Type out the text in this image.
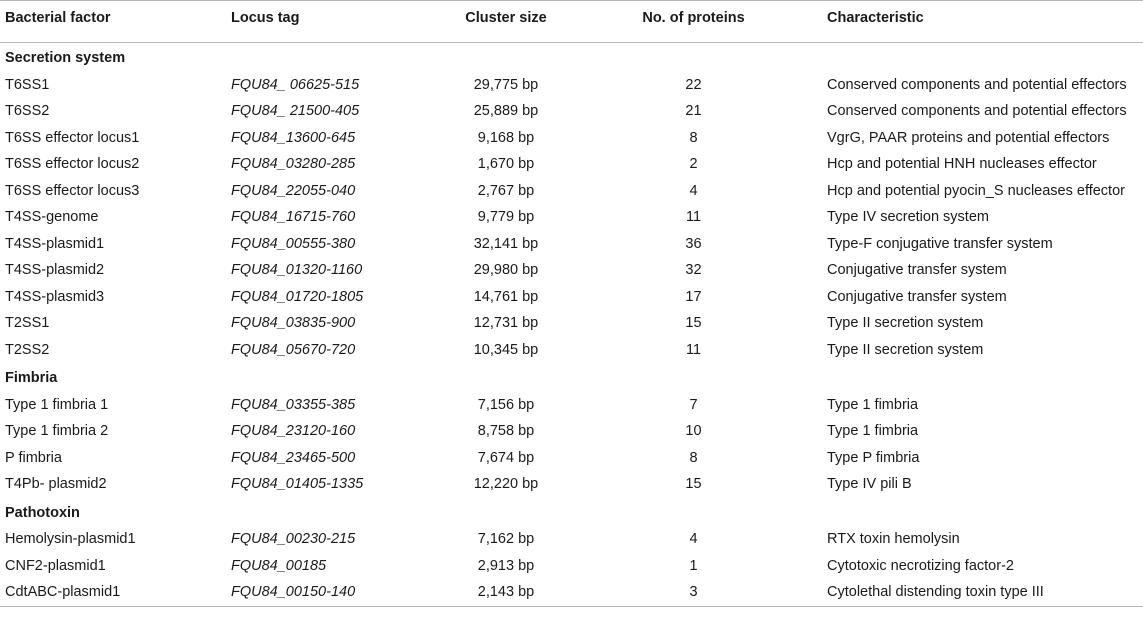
Bacterial factor	Locus tag	Cluster size	No. of proteins	Characteristic
Secretion system				
T6SS1	FQU84_ 06625-515	29,775 bp	22	Conserved components and potential effectors
T6SS2	FQU84_ 21500-405	25,889 bp	21	Conserved components and potential effectors
T6SS effector locus1	FQU84_13600-645	9,168 bp	8	VgrG, PAAR proteins and potential effectors
T6SS effector locus2	FQU84_03280-285	1,670 bp	2	Hcp and potential HNH nucleases effector
T6SS effector locus3	FQU84_22055-040	2,767 bp	4	Hcp and potential pyocin_S nucleases effector
T4SS-genome	FQU84_16715-760	9,779 bp	11	Type IV secretion system
T4SS-plasmid1	FQU84_00555-380	32,141 bp	36	Type-F conjugative transfer system
T4SS-plasmid2	FQU84_01320-1160	29,980 bp	32	Conjugative transfer system
T4SS-plasmid3	FQU84_01720-1805	14,761 bp	17	Conjugative transfer system
T2SS1	FQU84_03835-900	12,731 bp	15	Type II secretion system
T2SS2	FQU84_05670-720	10,345 bp	11	Type II secretion system
Fimbria				
Type 1 fimbria 1	FQU84_03355-385	7,156 bp	7	Type 1 fimbria
Type 1 fimbria 2	FQU84_23120-160	8,758 bp	10	Type 1 fimbria
P fimbria	FQU84_23465-500	7,674 bp	8	Type P fimbria
T4Pb- plasmid2	FQU84_01405-1335	12,220 bp	15	Type IV pili B
Pathotoxin				
Hemolysin-plasmid1	FQU84_00230-215	7,162 bp	4	RTX toxin hemolysin
CNF2-plasmid1	FQU84_00185	2,913 bp	1	Cytotoxic necrotizing factor-2
CdtABC-plasmid1	FQU84_00150-140	2,143 bp	3	Cytolethal distending toxin type III
